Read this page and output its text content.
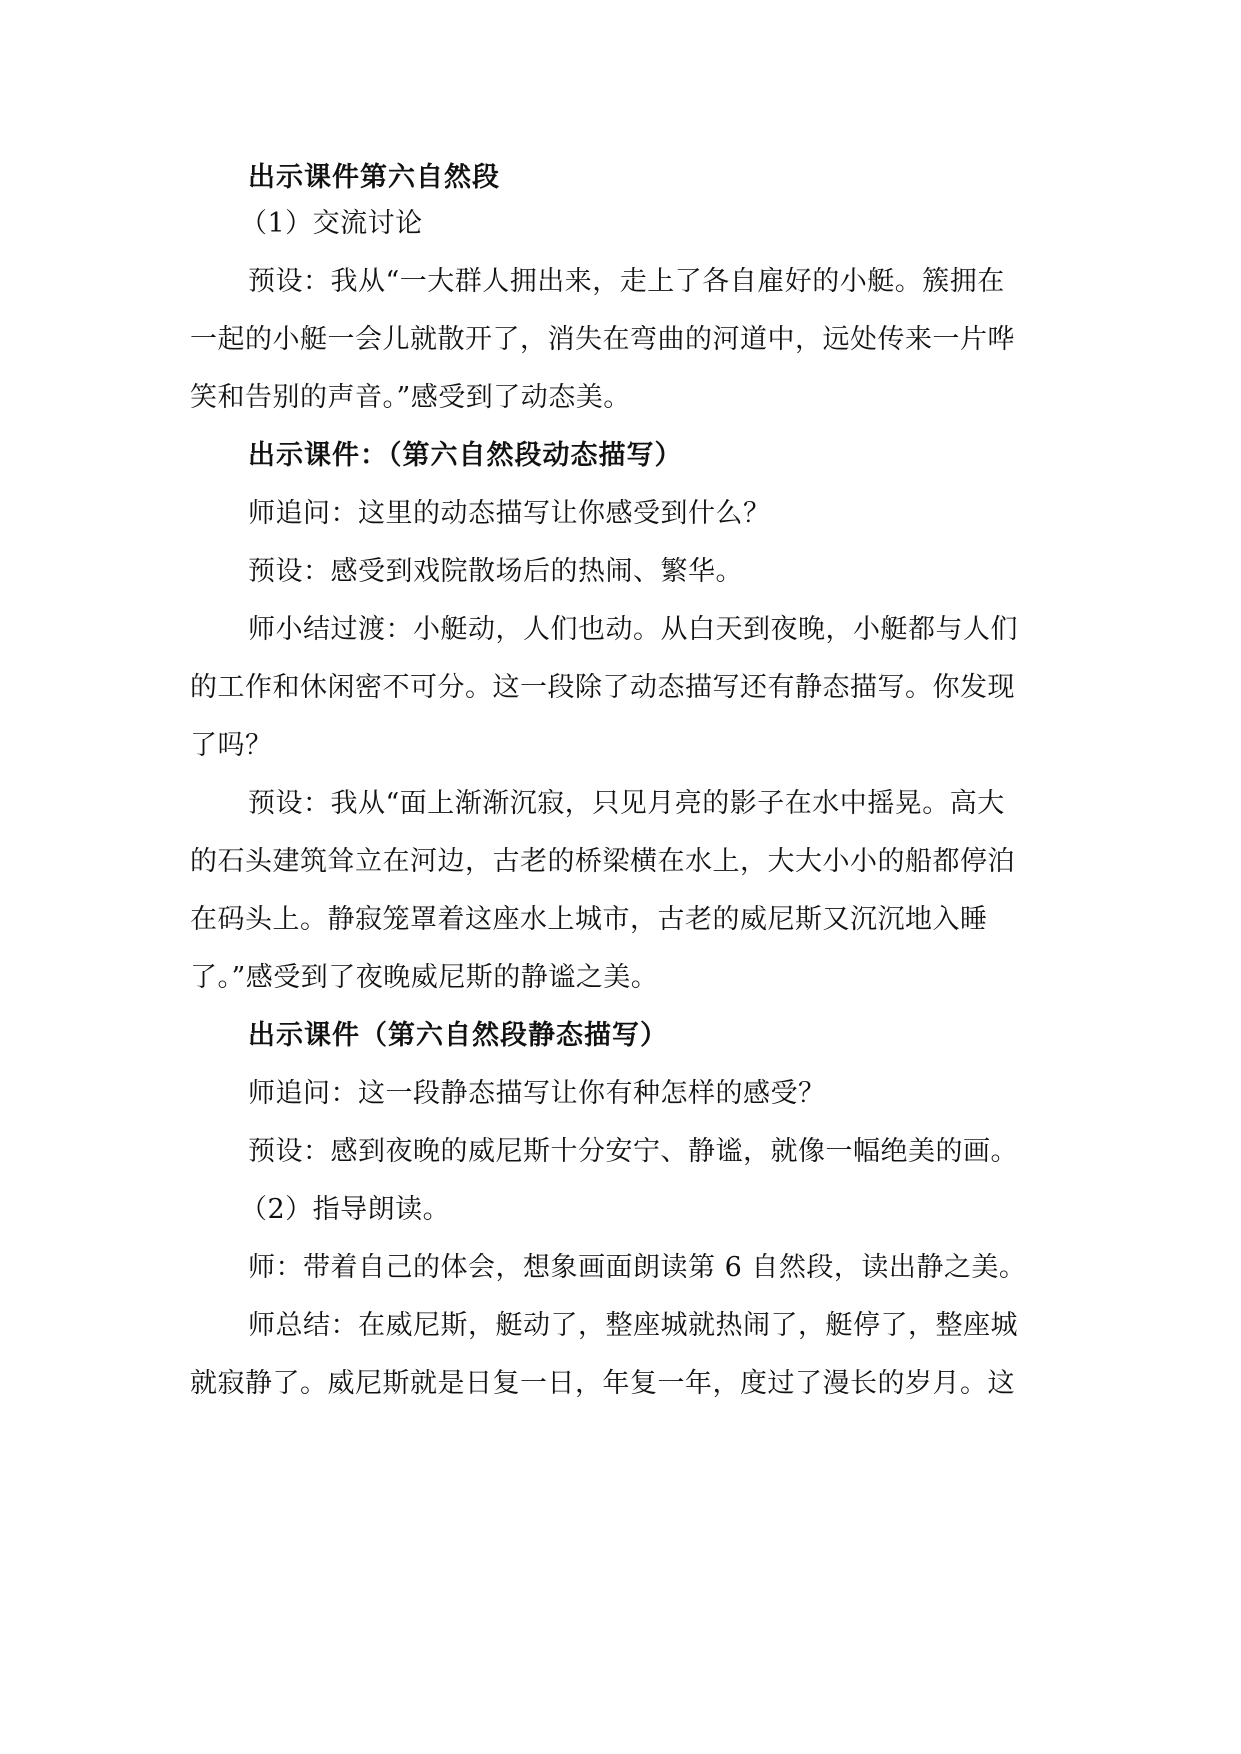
出示课件第六自然段
（1）交流讨论
预设：我从“一大群人拥出来，走上了各自雇好的小艇。簇拥在
一起的小艇一会儿就散开了，消失在弯曲的河道中，远处传来一片哗
笑和告别的声音。”感受到了动态美。
出示课件：（第六自然段动态描写）
师追问：这里的动态描写让你感受到什么？
预设：感受到戏院散场后的热闹、繁华。
师小结过渡：小艇动，人们也动。从白天到夜晚，小艇都与人们
的工作和休闲密不可分。这一段除了动态描写还有静态描写。你发现
了吗？
预设：我从“面上渐渐沉寂，只见月亮的影子在水中摇晃。高大
的石头建筑耸立在河边，古老的桥梁横在水上，大大小小的船都停泊
在码头上。静寂笼罩着这座水上城市，古老的威尼斯又沉沉地入睡
了。”感受到了夜晚威尼斯的静谧之美。
出示课件（第六自然段静态描写）
师追问：这一段静态描写让你有种怎样的感受？
预设：感到夜晚的威尼斯十分安宁、静谧，就像一幅绝美的画。
（2）指导朗读。
师：带着自己的体会，想象画面朗读第 6 自然段，读出静之美。
师总结：在威尼斯，艇动了，整座城就热闹了，艇停了，整座城
就寂静了。威尼斯就是日复一日，年复一年，度过了漫长的岁月。这
